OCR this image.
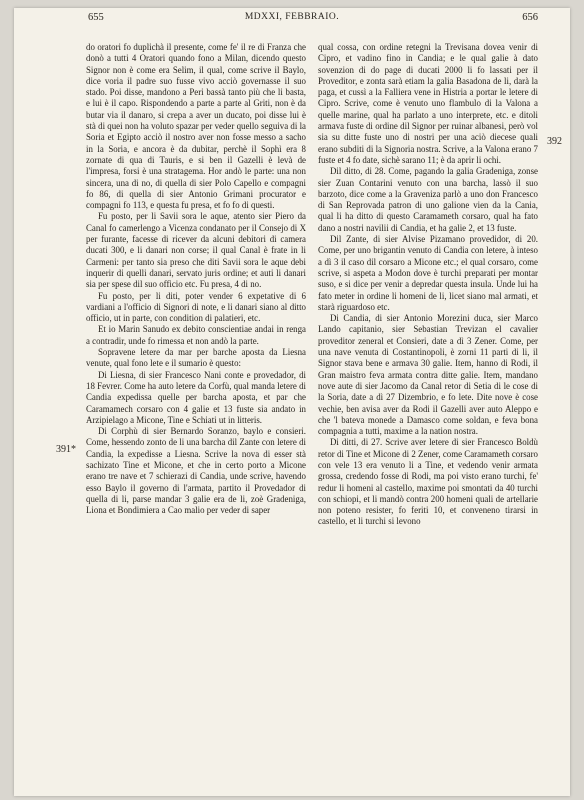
655	MDXXI, FEBBRAIO.	656

do oratori fo duplichà il presente, come fe' il re di Franza che donò a tutti 4 Oratori quando fono a Milan, dicendo questo Signor non è come era Selim, il qual, come scrive il Baylo, dice voria il padre suo fusse vivo acciò governasse il suo stado. Poi disse, mandono a Peri bassà tanto più che li basta, e lui è il capo. Rispondendo a parte a parte al Griti, non è da butar via il danaro, si crepa a aver un ducato, poi disse lui è stà di quei non ha voluto spazar per veder quello seguiva di la Soria et Egipto acciò il nostro aver non fosse messo a sacho in la Soria, e ancora è da dubitar, perchè il Sophì era 8 zornate di qua di Tauris, e si ben il Gazelli è levà de l'impresa, forsi è una stratagema. Hor andò le parte: una non sincera, una di no, di quella di sier Polo Capello e compagni fo 86, di quella di sier Antonio Grimani procurator e compagni fo 113, e questa fu presa, et fo fo di questi.

Fu posto, per li Savii sora le aque, atento sier Piero da Canal fo camerlengo a Vicenza condanato per il Consejo di X per furante, facesse di ricever da alcuni debitori di camera ducati 300, e li danari non corse; il qual Canal è frate in li Carmeni: per tanto sia preso che diti Savii sora le aque debi inquerir di quelli danari, servato juris ordine; et auti li danari sia per spese dil suo officio etc. Fu presa, 4 di no.

Fu posto, per li diti, poter vender 6 expetative di 6 vardiani a l'officio di Signori di note, e li danari siano al ditto officio, ut in parte, con condition di palatieri, etc.

Et io Marin Sanudo ex debito conscientiae andai in renga a contradir, unde fo rimessa et non andò la parte.

Sopravene letere da mar per barche aposta da Liesna venute, qual fono lete e il sumario è questo:

Di Liesna, di sier Francesco Nani conte e provedador, di 18 Fevrer. Come ha auto letere da Corfù, qual manda letere di Candia expedissa quelle per barcha aposta, et par che Caramamech corsaro con 4 galie et 13 fuste sia andato in Arzipielago a Micone, Tine e Schiati ut in litteris.

Di Corphù di sier Bernardo Soranzo, baylo e consieri. Come, hessendo zonto de li una barcha dil Zante con letere di Candia, la expedisse a Liesna. Scrive la nova di esser stà sachizato Tine et Micone, et che in certo porto a Micone erano tre nave et 7 schierazi di Candia, unde scrive, havendo esso Baylo il governo di l'armata, partito il Provedador di quella di li, parse mandar 3 galie era de li, zoè Gradeniga, Liona et Bondimiera a Cao malio per veder di saper

qual cossa, con ordine retegni la Trevisana dovea venir di Cipro, et vadino fino in Candia; e le qual galie à dato sovenzion di do page di ducati 2000 li fo lassati per il Proveditor, e zonta sarà etiam la galia Basadona de li, darà la paga, et cussì a la Falliera vene in Histria a portar le letere di Cipro. Scrive, come è venuto uno flambulo di la Valona a quelle marine, qual ha parlato a uno interprete, etc. e ditoli armava fuste di ordine dil Signor per ruinar albanesi, però vol sia su ditte fuste uno di nostri per una aciò diecese quali erano subditi di la Signoria nostra. Scrive, a la Valona erano 7 fuste et 4 fo date, sichè sarano 11; è da aprir li ochi.

Dil ditto, di 28. Come, pagando la galia Gradeniga, zonse sier Zuan Contarini venuto con una barcha, lassò il suo barzoto, dice come a la Graveniza parlò a uno don Francesco di San Reprovada patron di uno galione vien da la Cania, qual li ha ditto di questo Caramameth corsaro, qual ha fato dano a nostri navilii di Candia, et ha galie 2, et 13 fuste.

Dil Zante, di sier Alvise Pizamano provedidor, di 20. Come, per uno brigantin venuto di Candia con letere, à inteso a dì 3 il caso dil corsaro a Micone etc.; el qual corsaro, come scrive, si aspeta a Modon dove è turchi preparati per montar suso, e si dice per venir a depredar questa insula. Unde lui ha fato meter in ordine li homeni de li, licet siano mal armati, et starà riguardoso etc.

Di Candia, di sier Antonio Morezini duca, sier Marco Lando capitanio, sier Sebastian Trevizan el cavalier proveditor zeneral et Consieri, date a dì 3 Zener. Come, per una nave venuta di Costantinopoli, è zorni 11 parti di li, il Signor stava bene e armava 30 galie. Item, hanno di Rodi, il Gran maistro feva armata contra ditte galie. Item, mandano nove aute di sier Jacomo da Canal retor di Setia di le cose di la Soria, date a dì 27 Dizembrio, e fo lete. Dite nove è cose vechie, ben avisa aver da Rodi il Gazelli aver auto Aleppo e che 'l bateva monede a Damasco come soldan, e feva bona compagnia a tutti, maxime a la nation nostra.

Di ditti, di 27. Scrive aver letere di sier Francesco Boldù retor di Tine et Micone di 2 Zener, come Caramameth corsaro con vele 13 era venuto li a Tine, et vedendo venir armata grossa, credendo fosse di Rodi, ma poi visto erano turchi, fe' redur li homeni al castello, maxime poi smontati da 40 turchi con schiopi, et li mandò contra 200 homeni quali de artellarie non poteno resister, fo feriti 10, et conveneno tirarsi in castello, et li turchi si levono

391*
392
